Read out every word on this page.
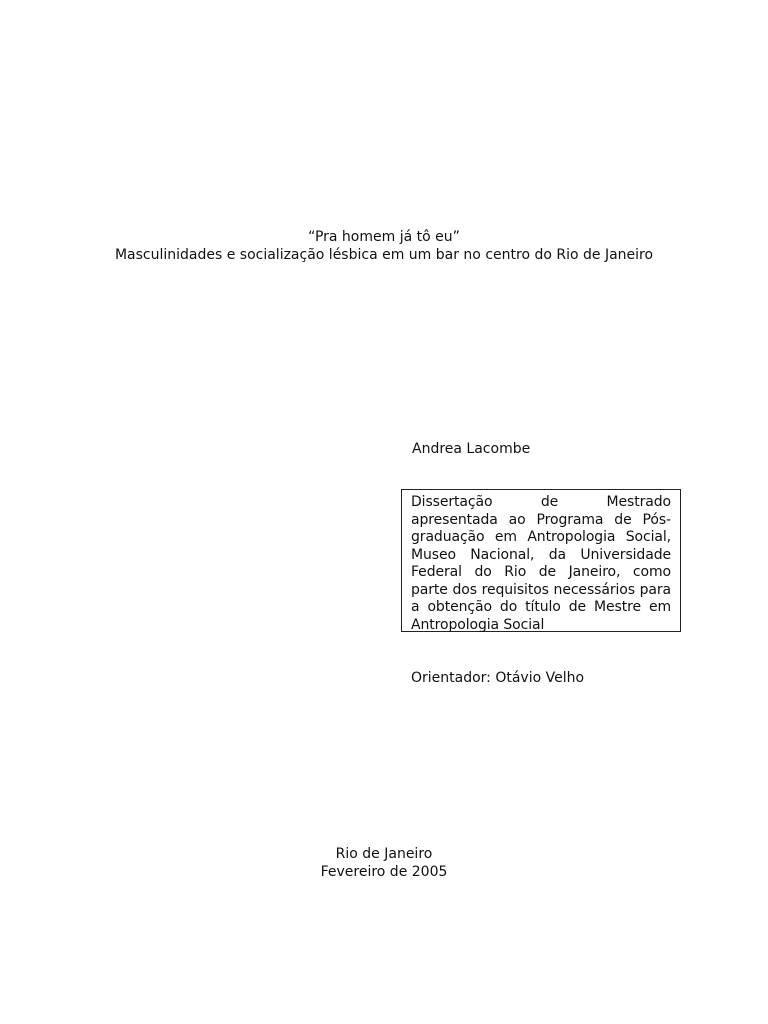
“Pra homem já tô eu”
Masculinidades e socialização lésbica em um bar no centro do Rio de Janeiro
Andrea Lacombe

Dissertação de Mestrado apresentada ao Programa de Pós-graduação em Antropologia Social, Museo Nacional, da Universidade Federal do Rio de Janeiro, como parte dos requisitos necessários para a obtenção do título de Mestre em Antropologia Social

Orientador: Otávio Velho
Rio de Janeiro
Fevereiro de 2005
